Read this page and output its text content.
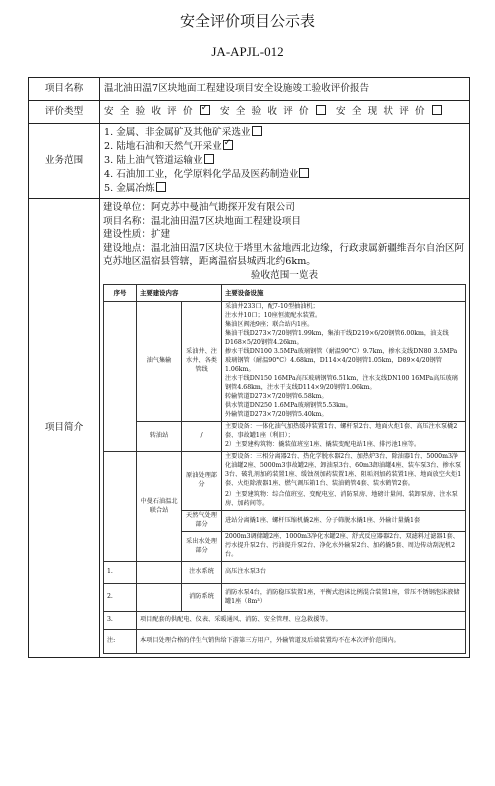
安全评价项目公示表
JA-APJL-012
项目名称	温北油田温7区块地面工程建设项目安全设施竣工验收评价报告
评价类型	安全验收评价✓ 安全验收评价 安全现状评价

业务范围	
1. 金属、非金属矿及其他矿采选业
2. 陆地石油和天然气开采业✓
3. 陆上油气管道运输业
4. 石油加工业，化学原料化学品及医药制造业
5. 金属冶炼

项目简介	

建设单位：阿克苏中曼油气勘探开发有限公司

项目名称：温北油田温7区块地面工程建设项目

建设性质：扩建

建设地点：温北油田温7区块位于塔里木盆地西北边缘，行政隶属新疆维吾尔自治区阿克苏地区温宿县管辖，距离温宿县城西北约6km。

验收范围一览表
序号	主要建设内容	主要设备设施
	油气集输	采油井、注水井、各类管线	
采油井233口，配7-10型抽油机；
注水井10口；10座恒流配水装置。
集油区阀池9座；联合站内1座。
集油干线D273×7/20钢管1.99km，集油干线D219×6/20钢管6.00km，油支线D168×5/20钢管4.26km。
掺水干线DN100 3.5MPa玻璃钢管（耐温90°C）9.7km，掺水支线DN80 3.5MPa玻璃钢管（耐温90°C）4.68km，D114×4/20钢管1.05km，D89×4/20钢管1.06km。
注水干线DN150 16MPa高压玻璃钢管6.51km，注水支线DN100 16MPa高压玻璃钢管4.68km，注水干支线D114×9/20钢管1.06km。
转输管道D273×7/20钢管6.58km。
供水管道DN250 1.6MPa玻璃钢管5.53km。
外输管道D273×7/20钢管5.40km。

转油站	/	
主要设备：一体化油气加热缓冲装置1台、螺杆泵2台、地面火炬1套、高压注水泵橇2套、事故罐1座（利旧）；
2）主要建构筑物：撬装值班室1座、撬装变配电站1座、排污池1座等。

	中曼石油温北联合站	原油处理部分	
主要设备：三相分离器2台、热化学脱水器2台、加热炉3台、除油器1台、5000m3净化油罐2座、5000m3事故罐2座、卸油泵3台、60m3卸油罐4座、装车泵3台、掺水泵3台、破乳剂加药装置1座、缓蚀剂加药装置1座、阻垢剂加药装置1座、地面放空火炬1套、火炬除液器1座、燃气调压箱1台、装油鹤管4套、装水鹤管2套。
2）主要建筑物：综合值班室、变配电室、消防泵房、地磅计量间、装卸泵房、注水泵房、加药间等。

天然气处理部分	进站分离撬1座、螺杆压缩机撬2座、分子筛脱水撬1座、外输计量撬1套
采出水处理部分	2000m3调储罐2座、1000m3净化水罐2座、舒式反应器器2台、双滤料过滤器1套、污水提升泵2台、污油提升泵2台、净化水外输泵2台、加药撬5套、周边传动刮泥机2台。
1.		注水系统	高压注水泵3台
2.		消防系统	消防水泵4台，消防稳压装置1座，平衡式泡沫比例混合装置1座，常压不锈钢泡沫液储罐1座（8m³）
3.	项目配套的供配电、仪表、采暖通风、消防、安全管理、应急救援等。
注:	本项目处理合格的伴生气销售给下游第三方用户，外输管道及后端装置均不在本次评价范围内。
